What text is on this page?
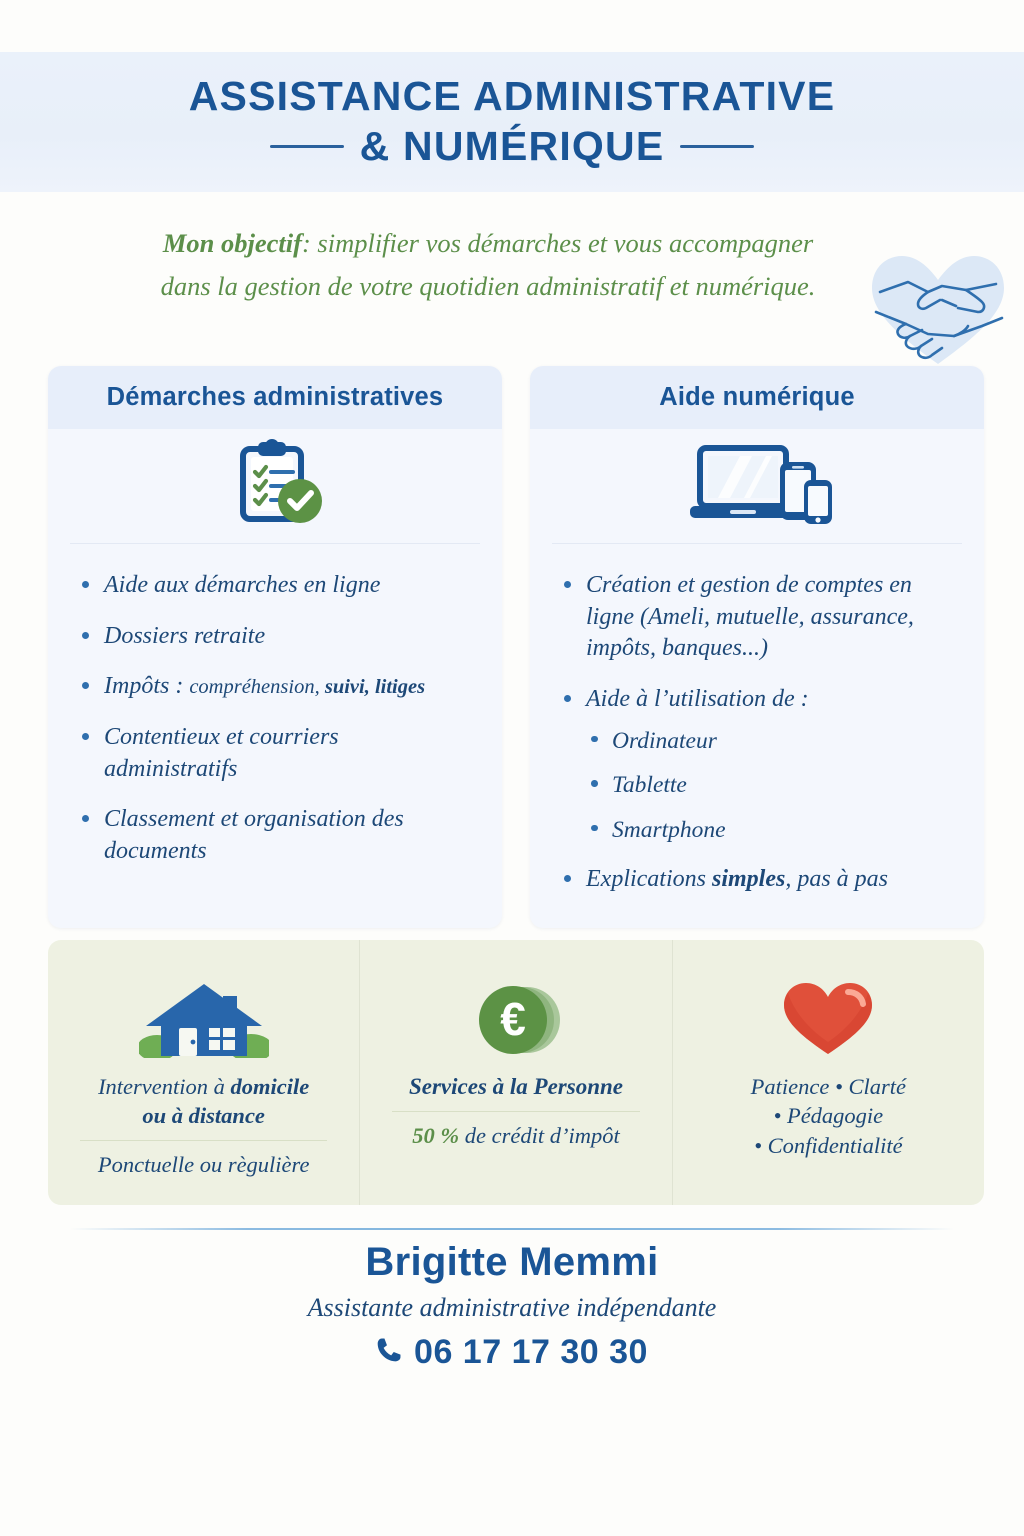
ASSISTANCE ADMINISTRATIVE
& NUMÉRIQUE
Mon objectif: simplifier vos démarches et vous accompagner
dans la gestion de votre quotidien administratif et numérique.
Démarches administratives
Aide aux démarches en ligne
Dossiers retraite
Impôts : compréhension, suivi, litiges
Contentieux et courriers administratifs
Classement et organisation des documents
Aide numérique
Création et gestion de comptes en ligne (Ameli, mutuelle, assurance, impôts, banques...)
Aide à l’utilisation de :
Ordinateur
Tablette
Smartphone
Explications simples, pas à pas
Intervention à domicile
ou à distance
Ponctuelle ou règulière
€
Services à la Personne
50 % de crédit d’impôt
Patience • Clarté
• Pédagogie
• Confidentialité
Brigitte Memmi
Assistante administrative indépendante
06 17 17 30 30
